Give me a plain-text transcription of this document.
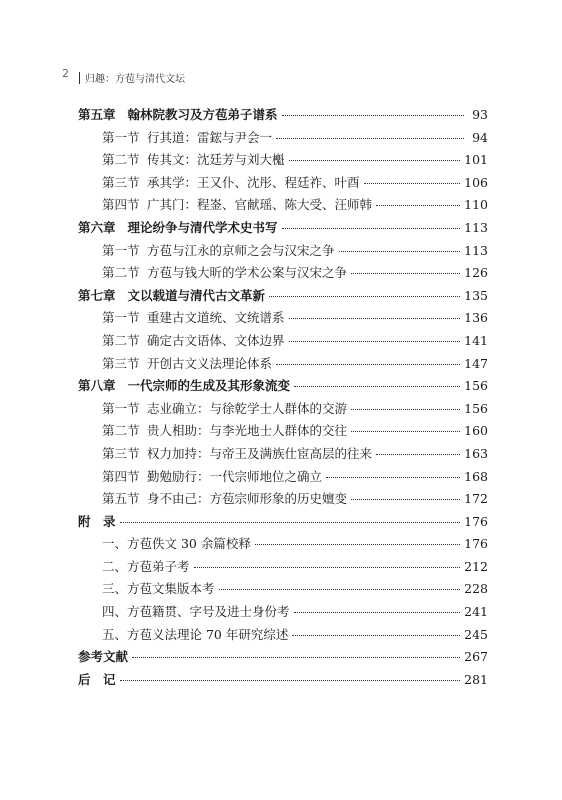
2 归趣：方苞与清代文坛
第五章 翰林院教习及方苞弟子谱系	93
第一节 行其道：雷鋐与尹会一	94
第二节 传其文：沈廷芳与刘大櫆	101
第三节 承其学：王又仆、沈彤、程廷祚、叶酉	106
第四节 广其门：程崟、官献瑶、陈大受、汪师韩	110
第六章 理论纷争与清代学术史书写	113
第一节 方苞与江永的京师之会与汉宋之争	113
第二节 方苞与钱大昕的学术公案与汉宋之争	126
第七章 文以载道与清代古文革新	135
第一节 重建古文道统、文统谱系	136
第二节 确定古文语体、文体边界	141
第三节 开创古文义法理论体系	147
第八章 一代宗师的生成及其形象流变	156
第一节 志业确立：与徐乾学士人群体的交游	156
第二节 贵人相助：与李光地士人群体的交往	160
第三节 权力加持：与帝王及满族仕宦高层的往来	163
第四节 勤勉励行：一代宗师地位之确立	168
第五节 身不由己：方苞宗师形象的历史嬗变	172
附　录	176
一、方苞佚文 30 余篇校释	176
二、方苞弟子考	212
三、方苞文集版本考	228
四、方苞籍贯、字号及进士身份考	241
五、方苞义法理论 70 年研究综述	245
参考文献	267
后　记	281
